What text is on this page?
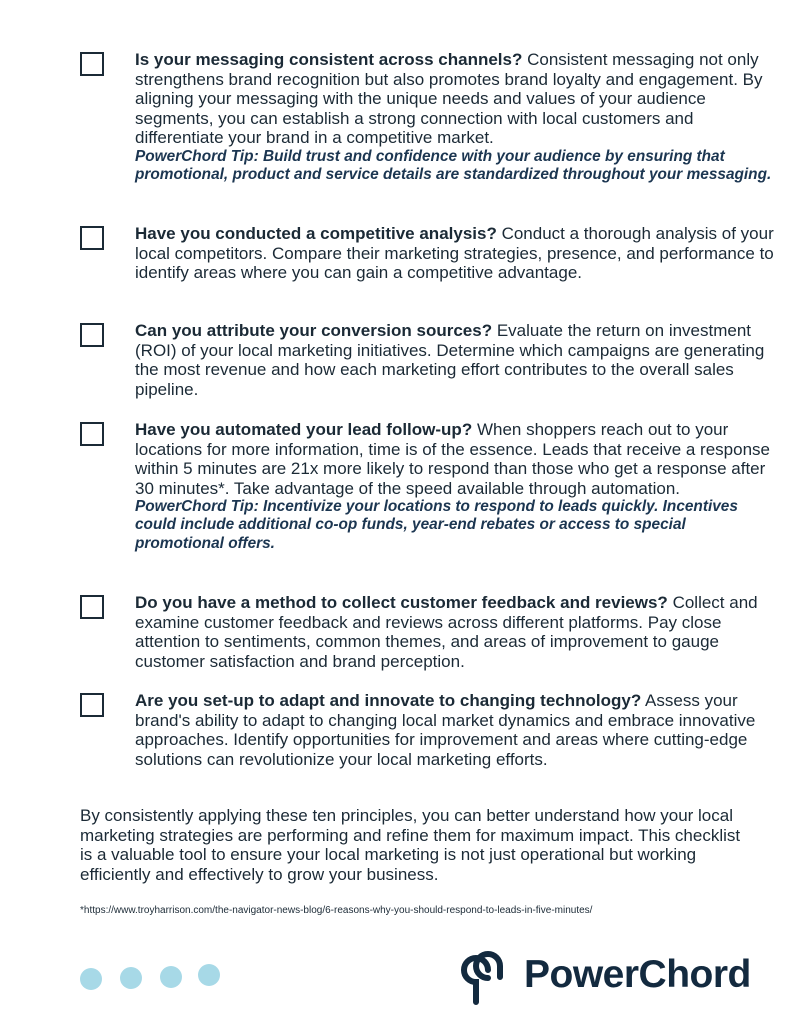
Is your messaging consistent across channels? Consistent messaging not only strengthens brand recognition but also promotes brand loyalty and engagement. By aligning your messaging with the unique needs and values of your audience segments, you can establish a strong connection with local customers and differentiate your brand in a competitive market.
PowerChord Tip: Build trust and confidence with your audience by ensuring that promotional, product and service details are standardized throughout your messaging.
Have you conducted a competitive analysis? Conduct a thorough analysis of your local competitors. Compare their marketing strategies, presence, and performance to identify areas where you can gain a competitive advantage.
Can you attribute your conversion sources? Evaluate the return on investment (ROI) of your local marketing initiatives. Determine which campaigns are generating the most revenue and how each marketing effort contributes to the overall sales pipeline.
Have you automated your lead follow-up? When shoppers reach out to your locations for more information, time is of the essence. Leads that receive a response within 5 minutes are 21x more likely to respond than those who get a response after 30 minutes*. Take advantage of the speed available through automation.
PowerChord Tip: Incentivize your locations to respond to leads quickly. Incentives could include additional co-op funds, year-end rebates or access to special promotional offers.
Do you have a method to collect customer feedback and reviews? Collect and examine customer feedback and reviews across different platforms. Pay close attention to sentiments, common themes, and areas of improvement to gauge customer satisfaction and brand perception.
Are you set-up to adapt and innovate to changing technology? Assess your brand's ability to adapt to changing local market dynamics and embrace innovative approaches. Identify opportunities for improvement and areas where cutting-edge solutions can revolutionize your local marketing efforts.
By consistently applying these ten principles, you can better understand how your local marketing strategies are performing and refine them for maximum impact. This checklist is a valuable tool to ensure your local marketing is not just operational but working efficiently and effectively to grow your business.
*https://www.troyharrison.com/the-navigator-news-blog/6-reasons-why-you-should-respond-to-leads-in-five-minutes/
PowerChord
